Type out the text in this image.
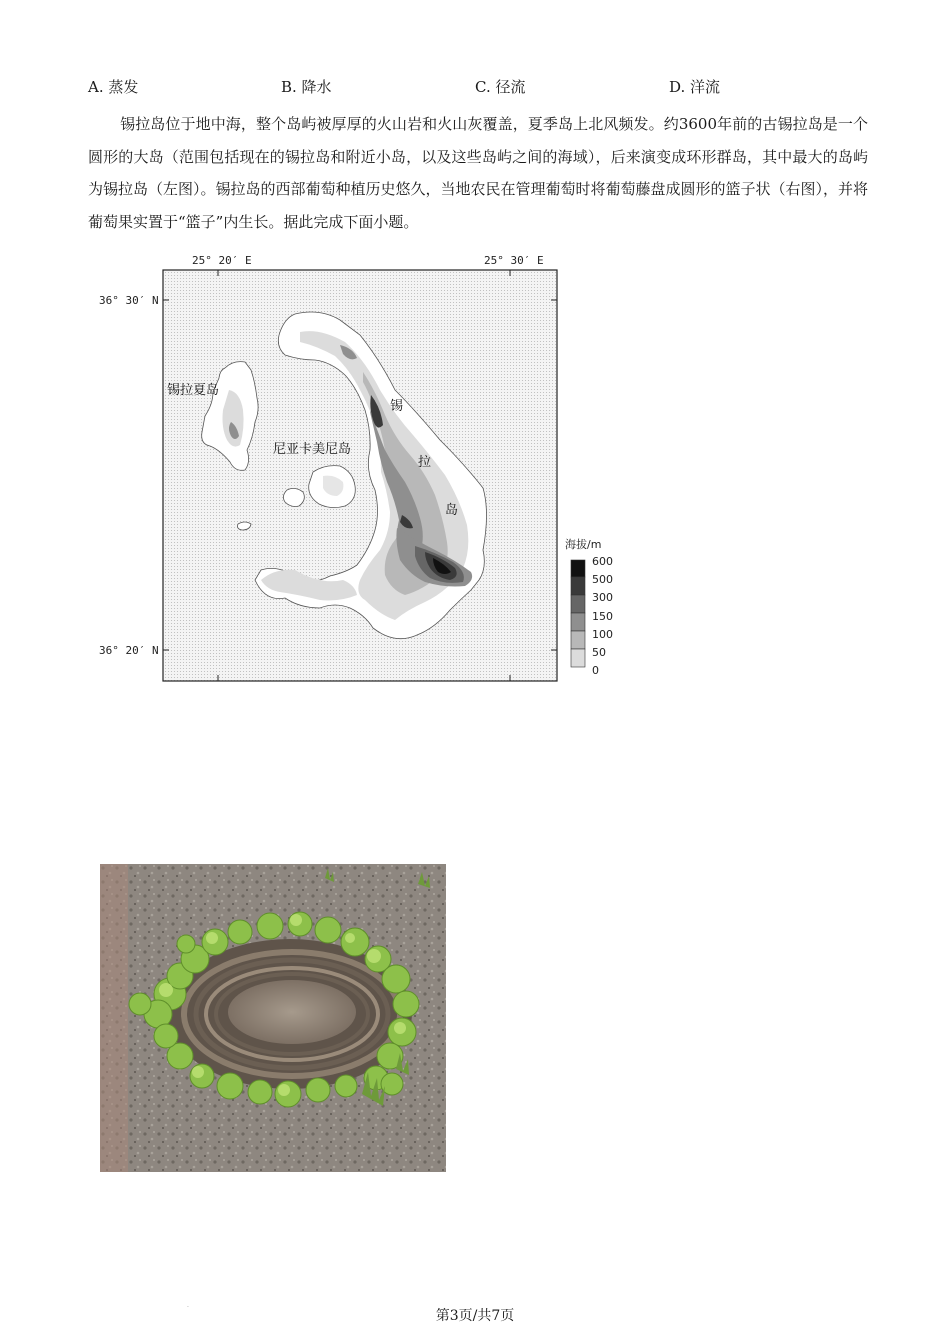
A. 蒸发	B. 降水	C. 径流	D. 洋流

锡拉岛位于地中海，整个岛屿被厚厚的火山岩和火山灰覆盖，夏季岛上北风频发。约3600年前的古锡拉岛是一个圆形的大岛（范围包括现在的锡拉岛和附近小岛，以及这些岛屿之间的海域），后来演变成环形群岛，其中最大的岛屿为锡拉岛（左图）。锡拉岛的西部葡萄种植历史悠久，当地农民在管理葡萄时将葡萄藤盘成圆形的篮子状（右图），并将葡萄果实置于“篮子”内生长。据此完成下面小题。

25° 20′ E	25° 30′ E
36° 30′ N
36° 20′ N
锡拉夏岛
尼亚卡美尼岛
锡
拉
岛
海拔/m
600
500
300
150
100
50
0
.
第3页/共7页
